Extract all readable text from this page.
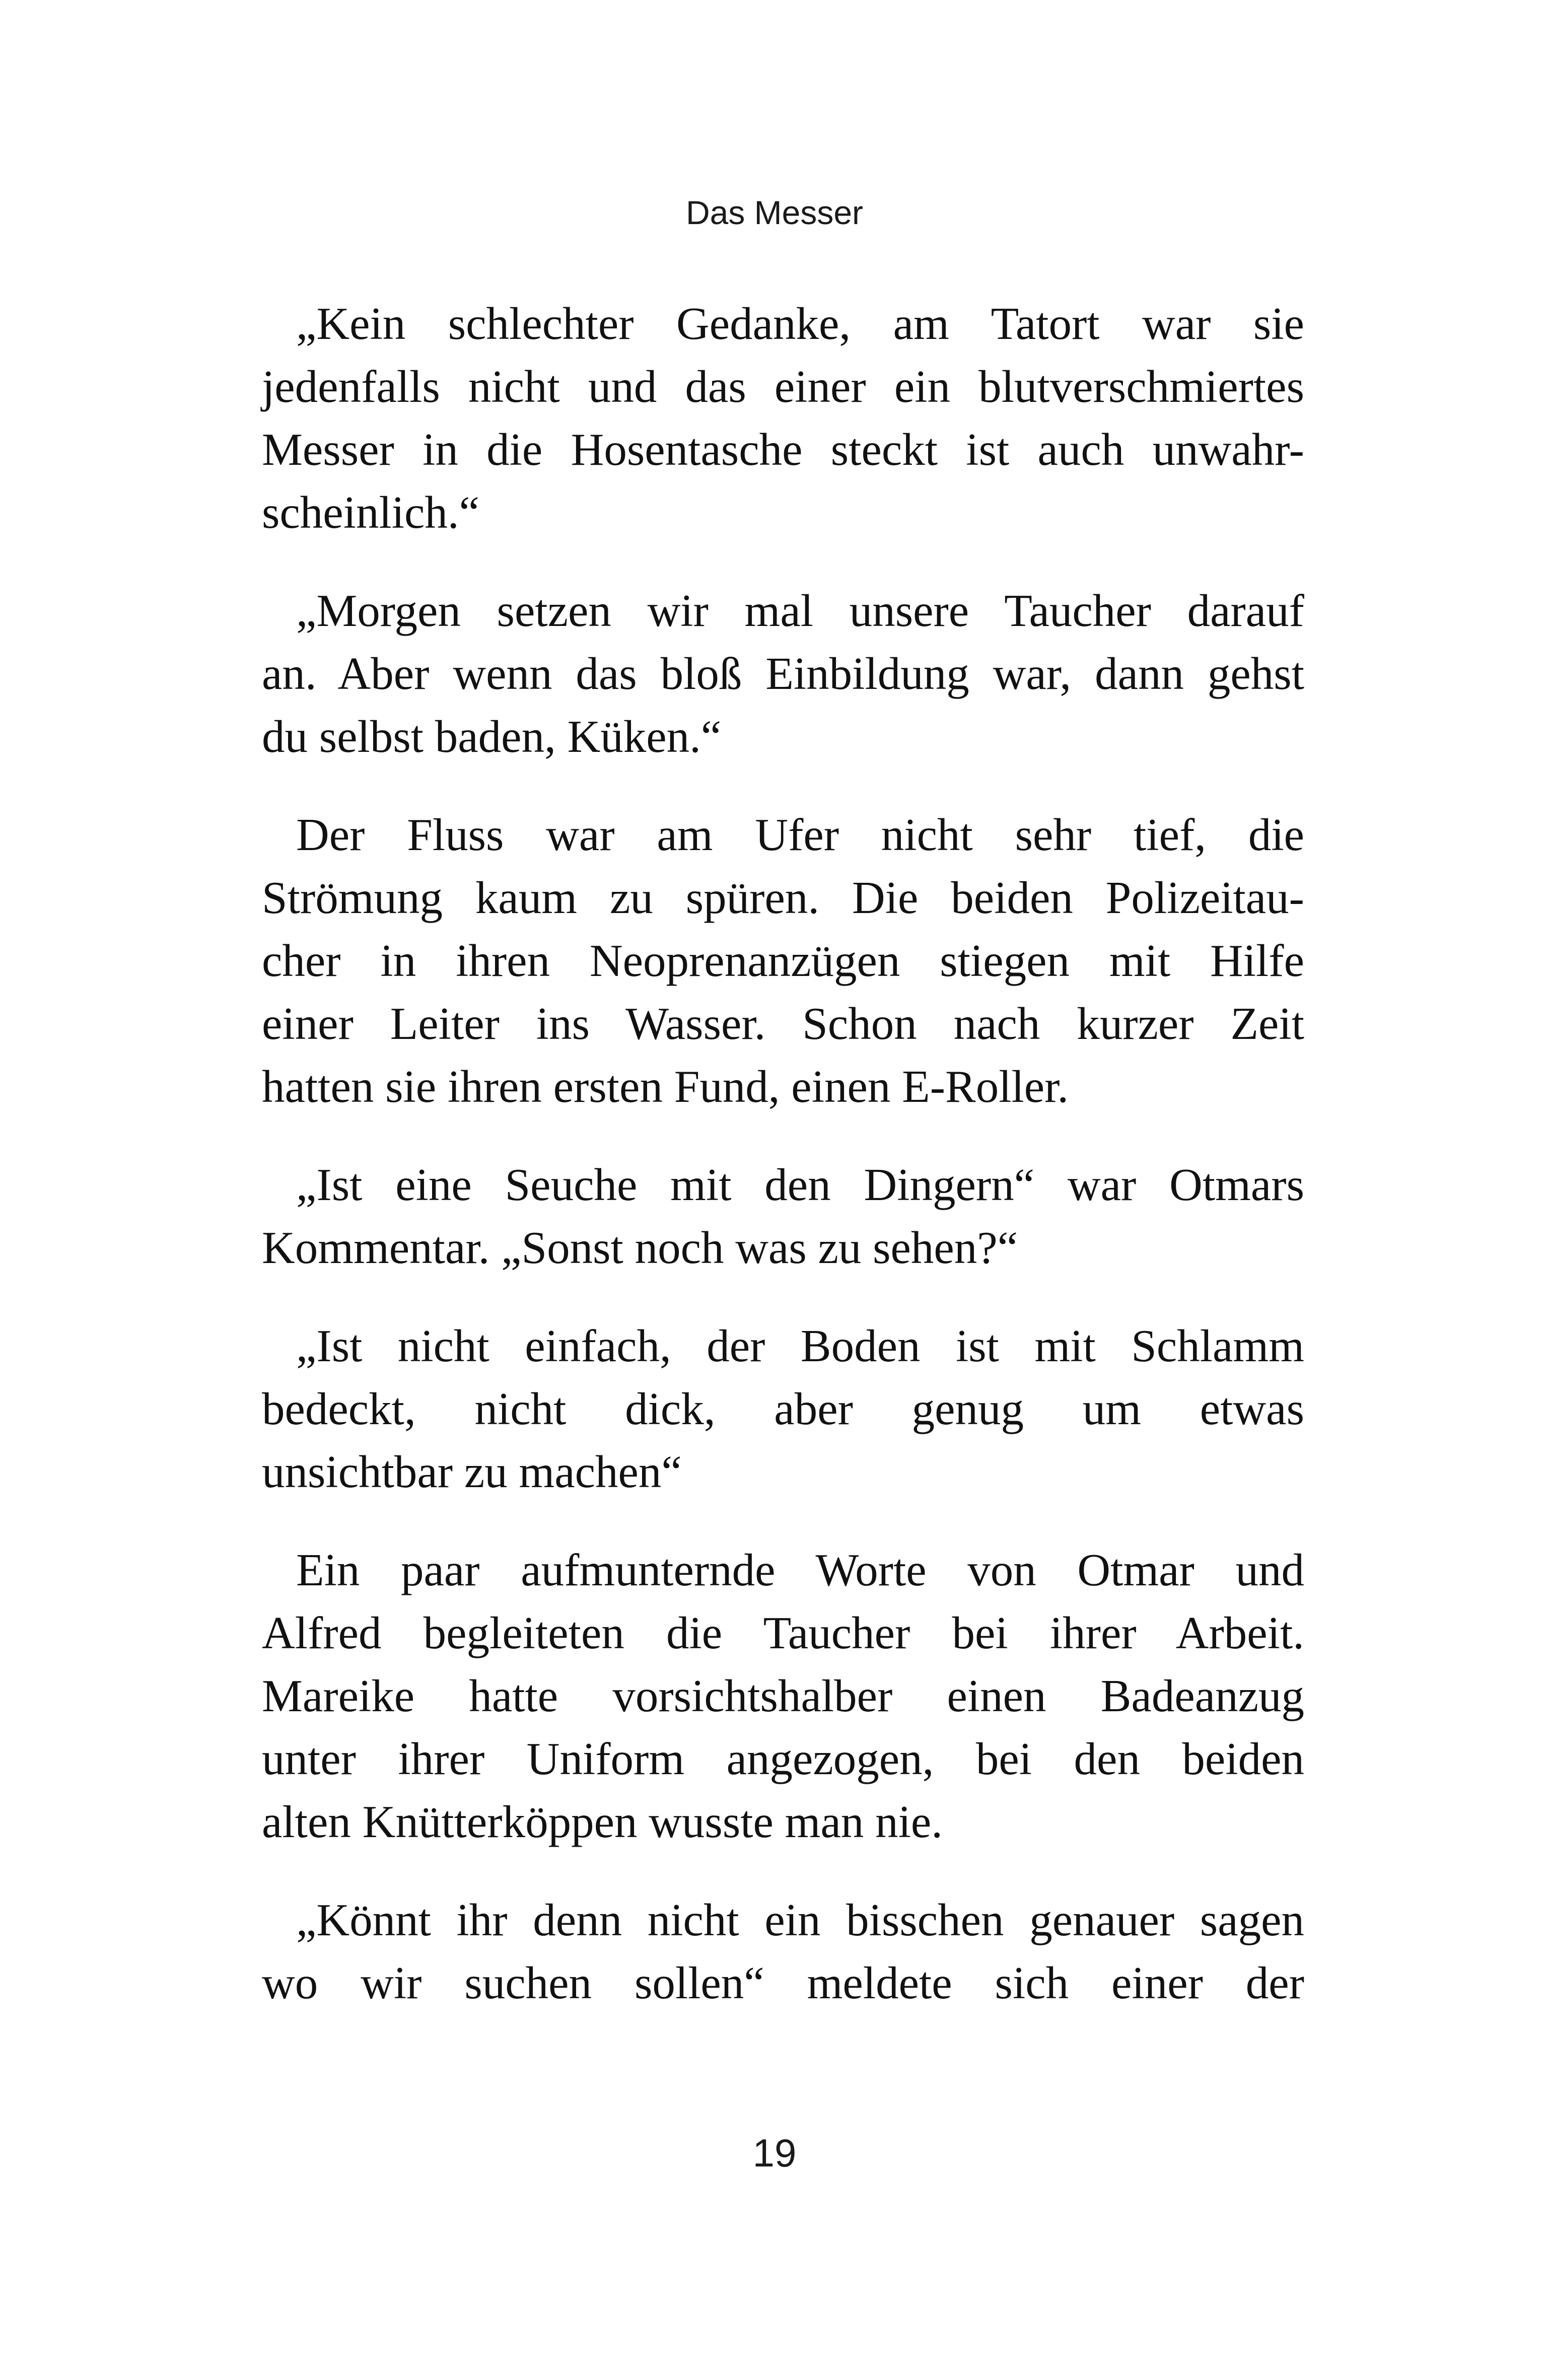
Das Messer
„Kein schlechter Gedanke, am Tatort war sie
jedenfalls nicht und das einer ein blutverschmiertes
Messer in die Hosentasche steckt ist auch unwahr-
scheinlich.“
„Morgen setzen wir mal unsere Taucher darauf
an. Aber wenn das bloß Einbildung war, dann gehst
du selbst baden, Küken.“
Der Fluss war am Ufer nicht sehr tief, die
Strömung kaum zu spüren. Die beiden Polizeitau-
cher in ihren Neoprenanzügen stiegen mit Hilfe
einer Leiter ins Wasser. Schon nach kurzer Zeit
hatten sie ihren ersten Fund, einen E-Roller.
„Ist eine Seuche mit den Dingern“ war Otmars
Kommentar. „Sonst noch was zu sehen?“
„Ist nicht einfach, der Boden ist mit Schlamm
bedeckt, nicht dick, aber genug um etwas
unsichtbar zu machen“
Ein paar aufmunternde Worte von Otmar und
Alfred begleiteten die Taucher bei ihrer Arbeit.
Mareike hatte vorsichtshalber einen Badeanzug
unter ihrer Uniform angezogen, bei den beiden
alten Knütterköppen wusste man nie.
„Könnt ihr denn nicht ein bisschen genauer sagen
wo wir suchen sollen“ meldete sich einer der
19
